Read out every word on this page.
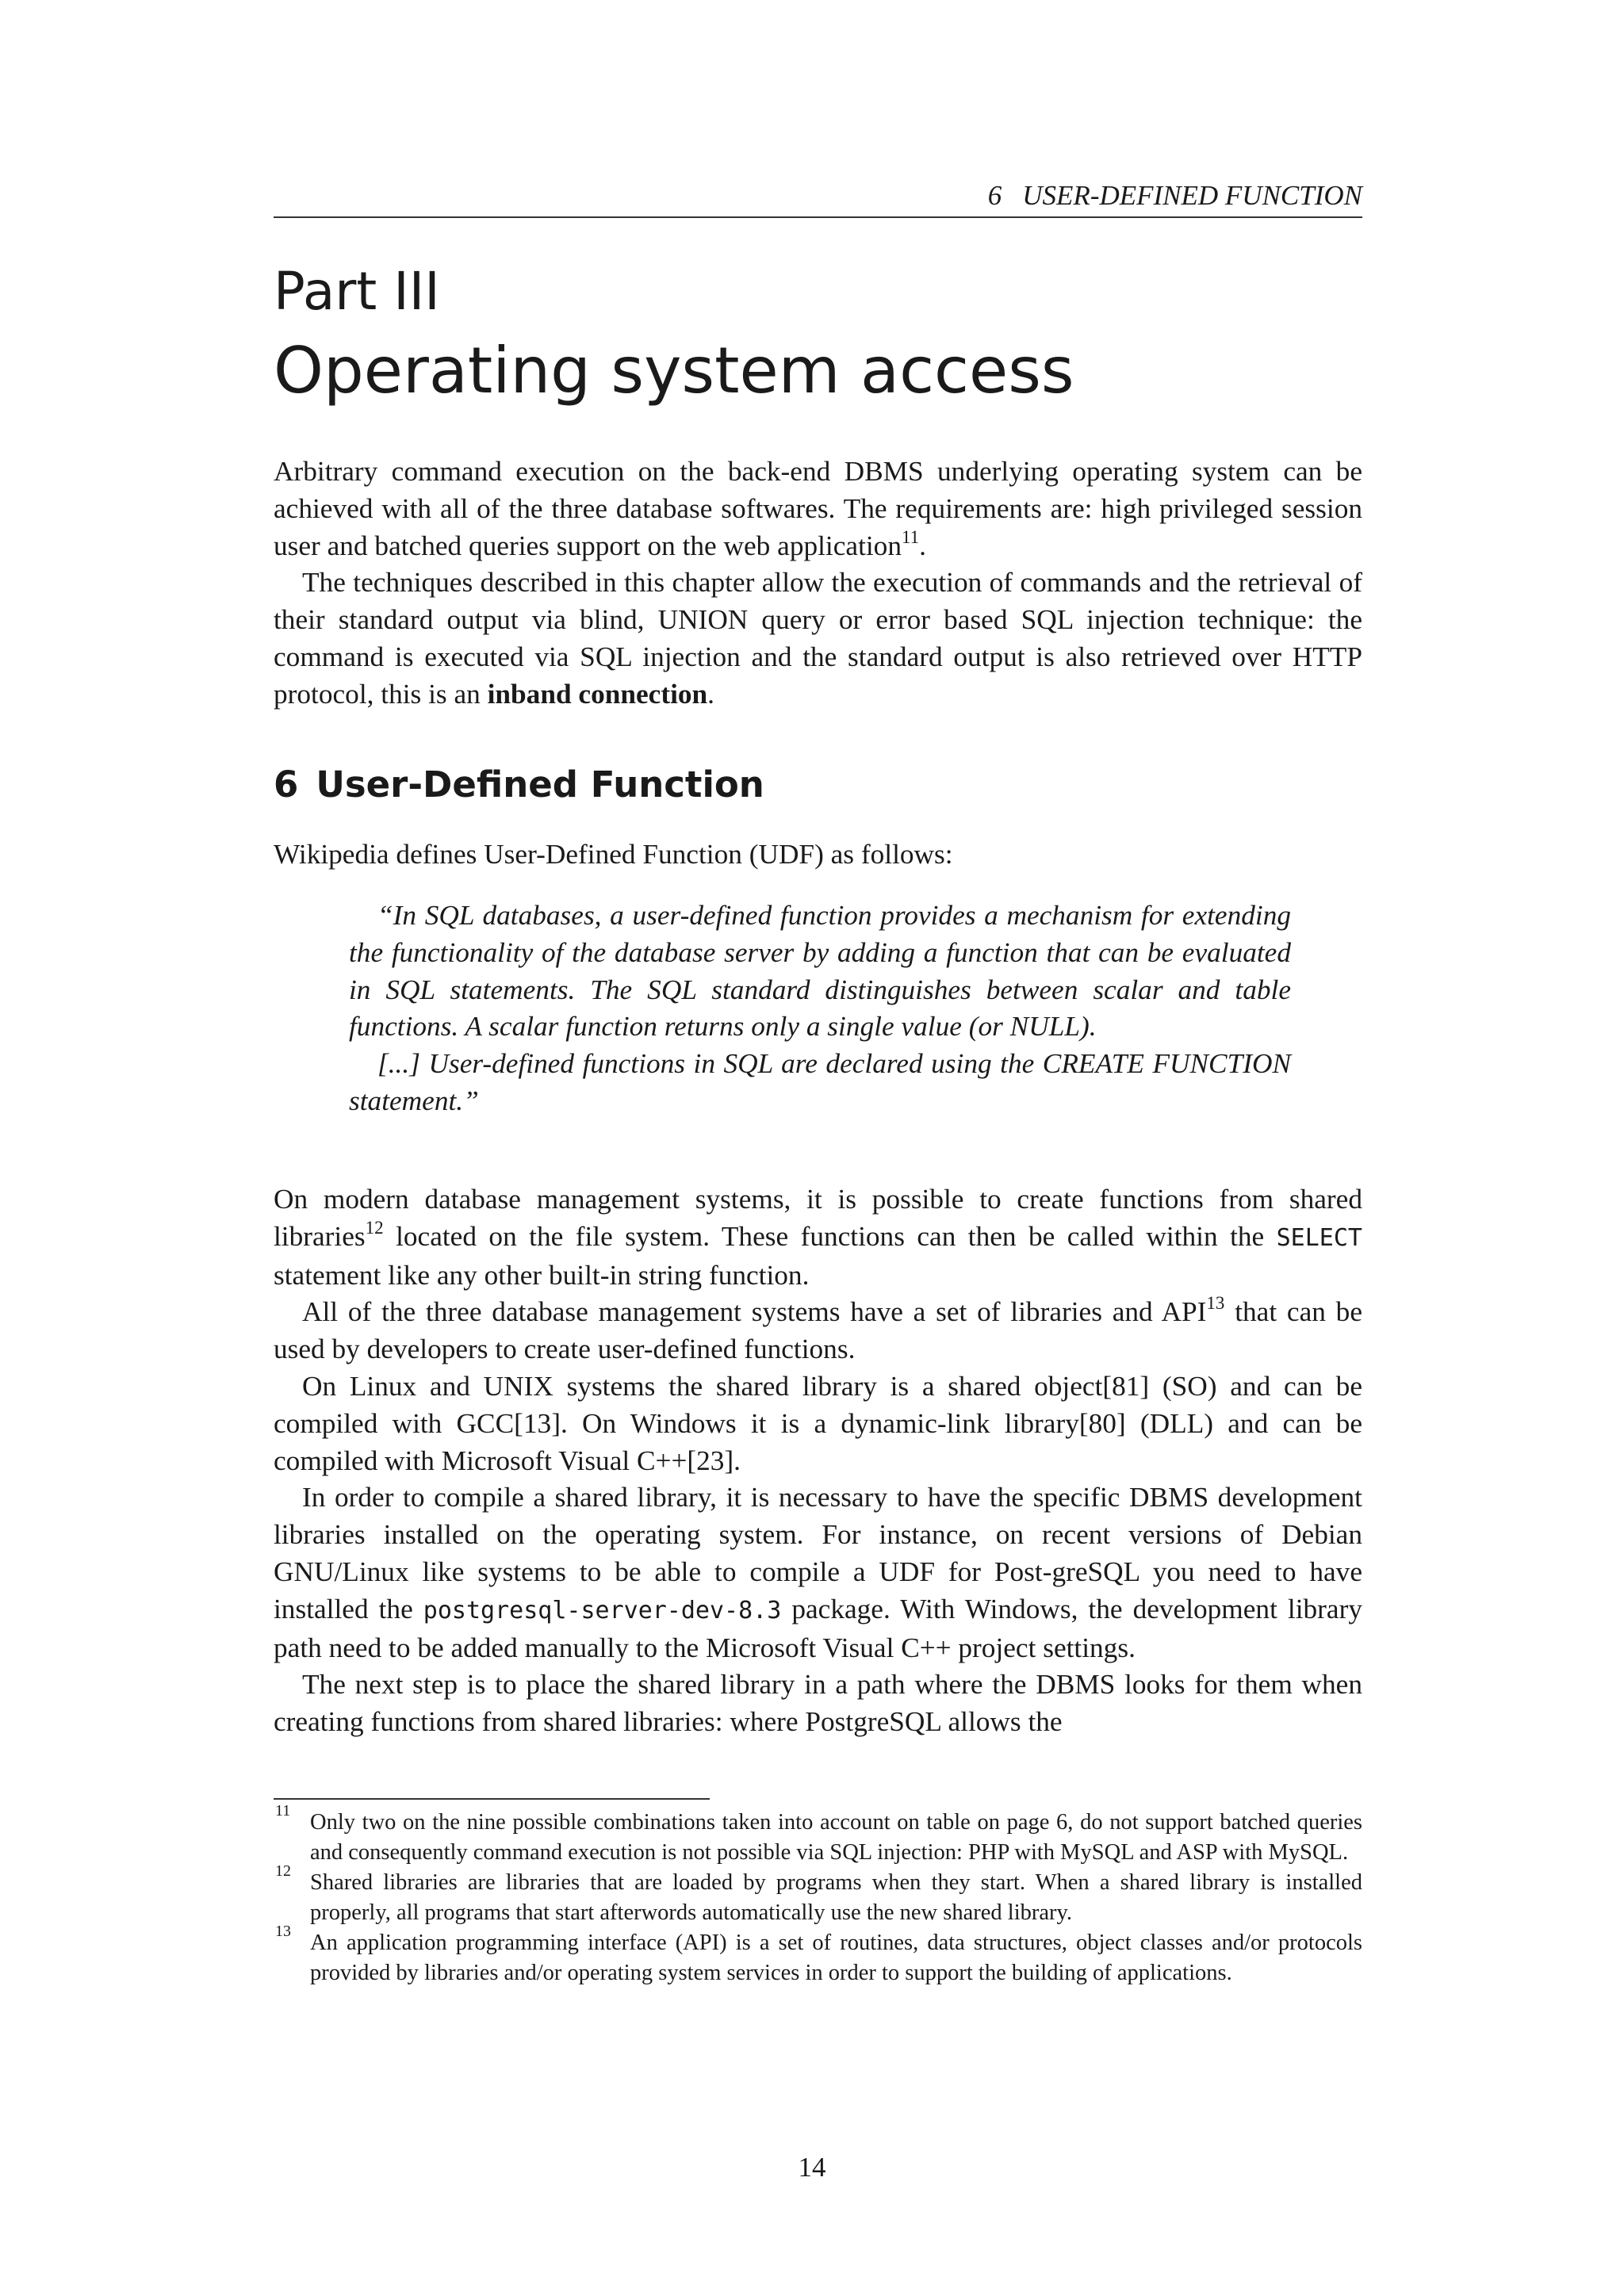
6 USER-DEFINED FUNCTION
Part III
Operating system access

Arbitrary command execution on the back-end DBMS underlying operating system can be achieved with all of the three database softwares. The requirements are: high privileged session user and batched queries support on the web application$^{11}$.

The techniques described in this chapter allow the execution of commands and the retrieval of their standard output via blind, UNION query or error based SQL injection technique: the command is executed via SQL injection and the standard output is also retrieved over HTTP protocol, this is an inband connection.

6 User-Defined Function
Wikipedia defines User-Defined Function (UDF) as follows:

“In SQL databases, a user-defined function provides a mechanism for extending the functionality of the database server by adding a function that can be evaluated in SQL statements. The SQL standard distinguishes between scalar and table functions. A scalar function returns only a single value (or NULL).

[...] User-defined functions in SQL are declared using the CREATE FUNCTION statement.”

On modern database management systems, it is possible to create functions from shared libraries$^{12}$ located on the file system. These functions can then be called within the SELECT statement like any other built-in string function.

All of the three database management systems have a set of libraries and API$^{13}$ that can be used by developers to create user-defined functions.

On Linux and UNIX systems the shared library is a shared object[81] (SO) and can be compiled with GCC[13]. On Windows it is a dynamic-link library[80] (DLL) and can be compiled with Microsoft Visual C++[23].

In order to compile a shared library, it is necessary to have the specific DBMS development libraries installed on the operating system. For instance, on recent versions of Debian GNU/Linux like systems to be able to compile a UDF for Post-greSQL you need to have installed the postgresql-server-dev-8.3 package. With Windows, the development library path need to be added manually to the Microsoft Visual C++ project settings.

The next step is to place the shared library in a path where the DBMS looks for them when creating functions from shared libraries: where PostgreSQL allows the

11 Only two on the nine possible combinations taken into account on table on page 6, do not support batched queries and consequently command execution is not possible via SQL injection: PHP with MySQL and ASP with MySQL.

12 Shared libraries are libraries that are loaded by programs when they start. When a shared library is installed properly, all programs that start afterwords automatically use the new shared library.

13 An application programming interface (API) is a set of routines, data structures, object classes and/or protocols provided by libraries and/or operating system services in order to support the building of applications.

14
